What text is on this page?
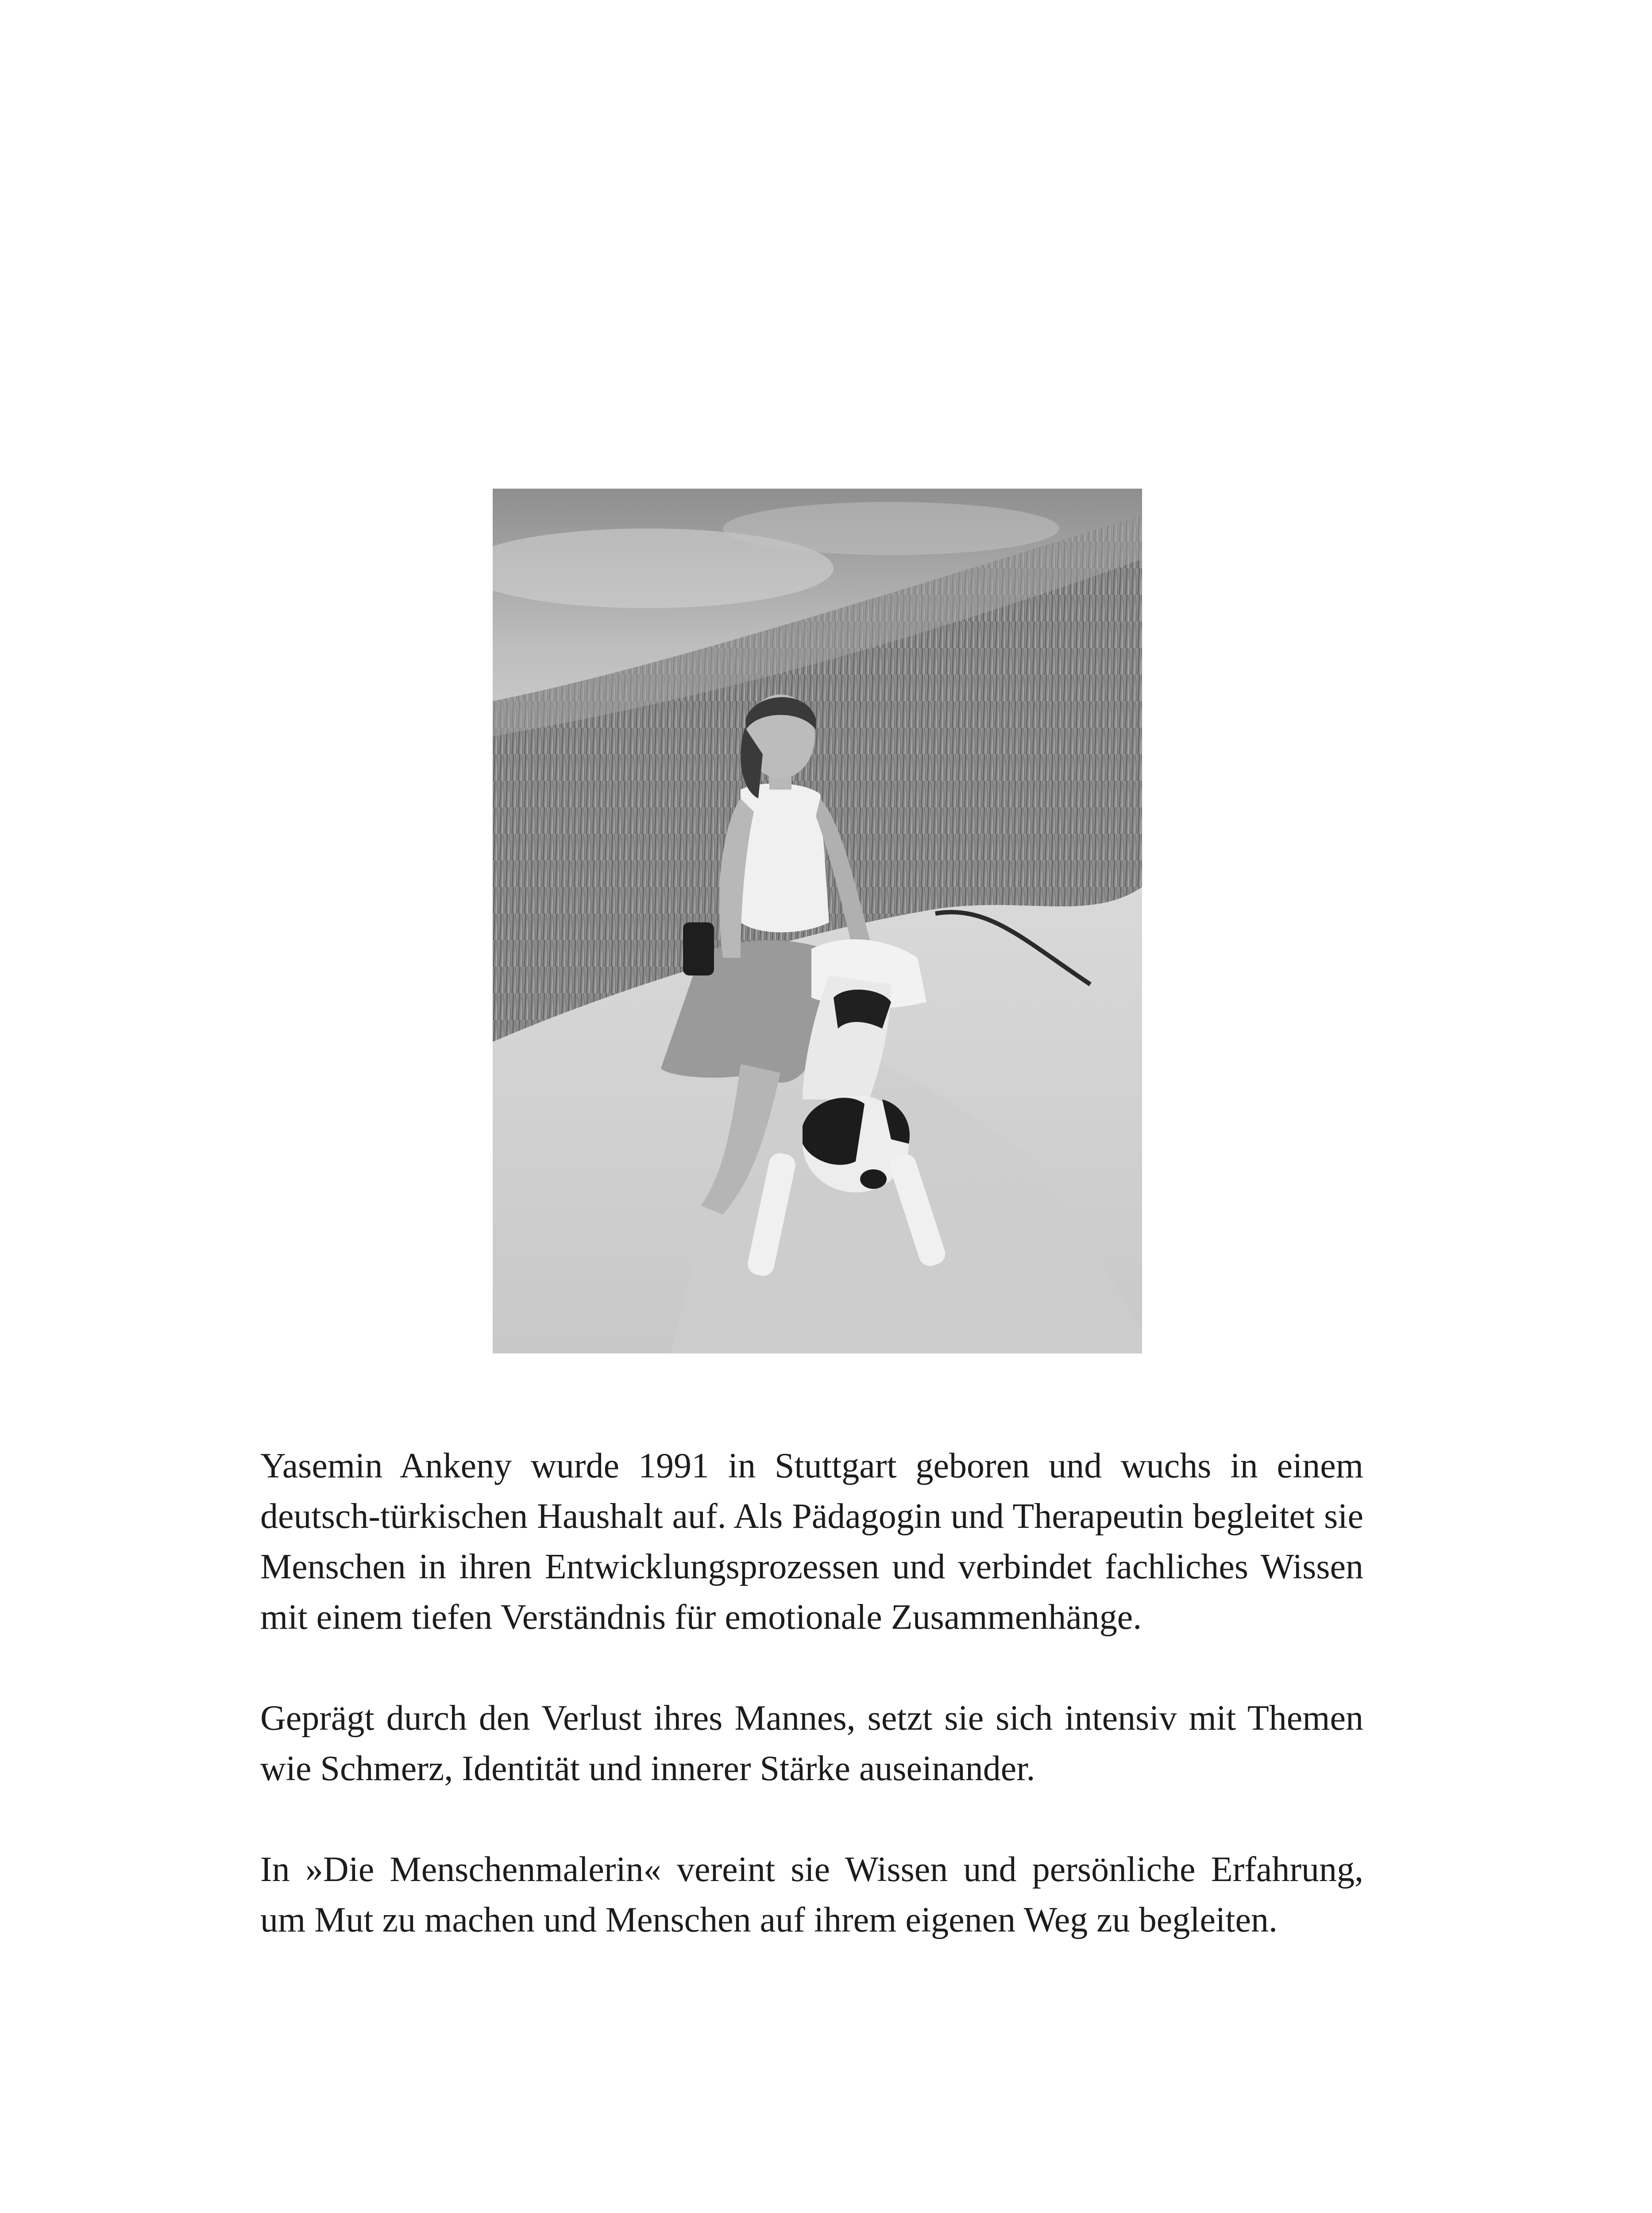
Yasemin Ankeny wurde 1991 in Stuttgart geboren und wuchs in einem deutsch-türkischen Haushalt auf. Als Pädagogin und Therapeutin begleitet sie Menschen in ihren Entwicklungsprozessen und verbindet fachliches Wissen mit einem tiefen Verständnis für emotionale Zusammenhänge.

Geprägt durch den Verlust ihres Mannes, setzt sie sich intensiv mit Themen wie Schmerz, Identität und innerer Stärke auseinander.

In »Die Menschenmalerin« vereint sie Wissen und persönliche Erfahrung, um Mut zu machen und Menschen auf ihrem eigenen Weg zu begleiten.
